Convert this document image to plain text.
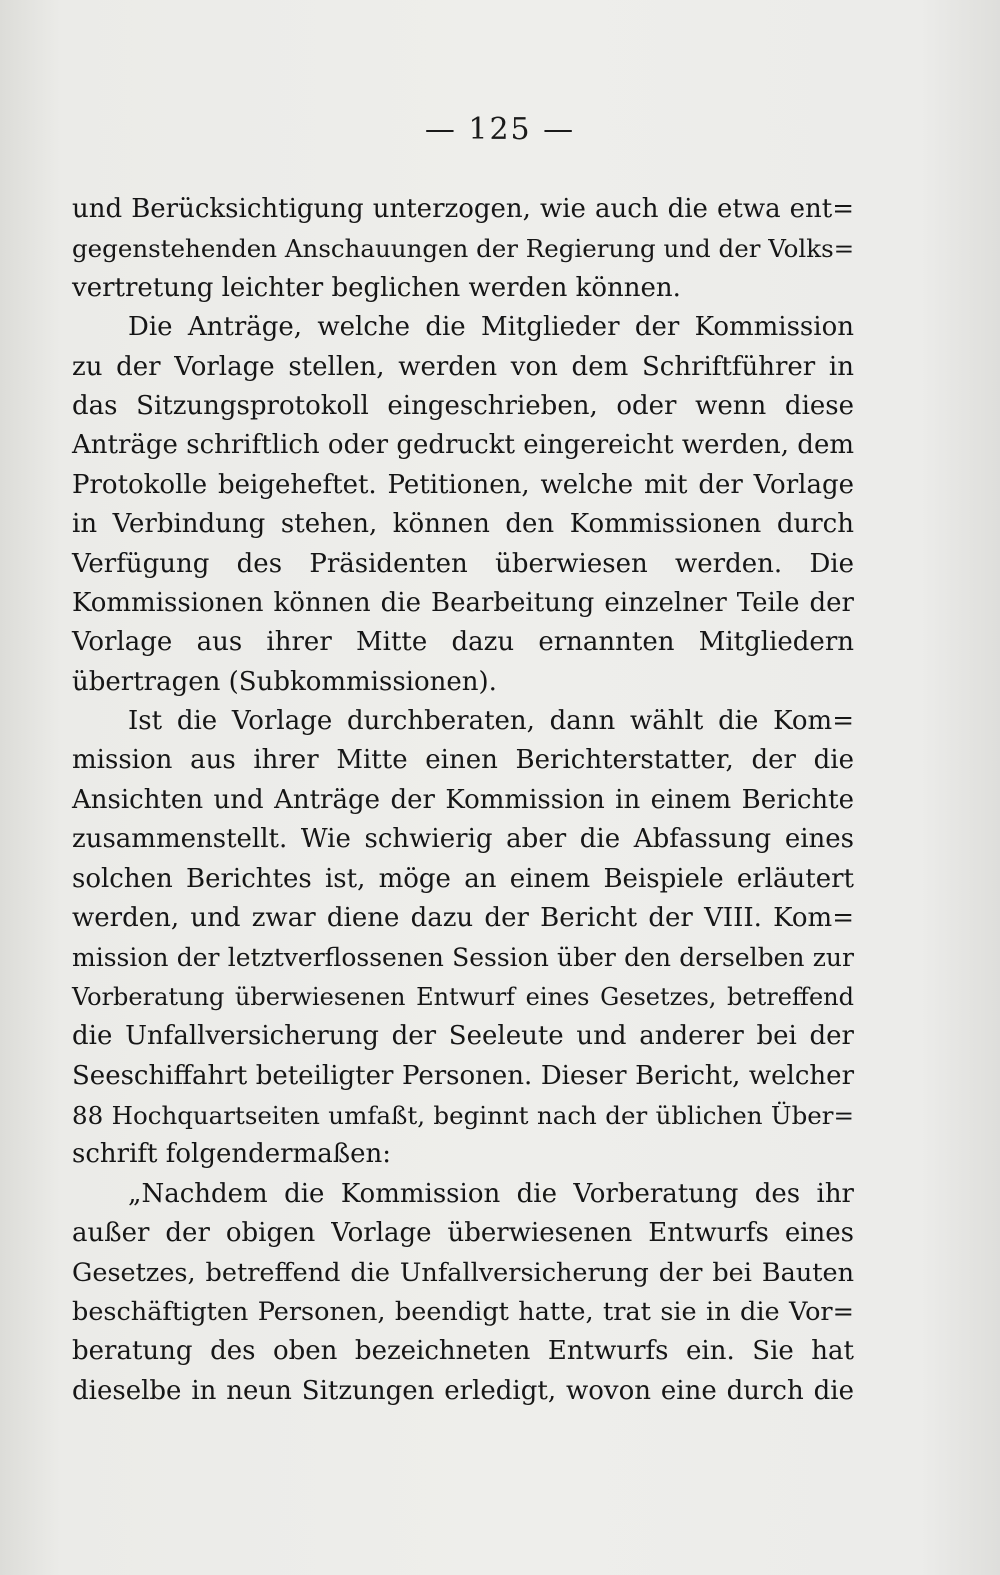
— 125 —
und Berücksichtigung unterzogen, wie auch die etwa ent=
gegenstehenden Anschauungen der Regierung und der Volks=
vertretung leichter beglichen werden können.
Die Anträge, welche die Mitglieder der Kommission
zu der Vorlage stellen, werden von dem Schriftführer in
das Sitzungsprotokoll eingeschrieben, oder wenn diese
Anträge schriftlich oder gedruckt eingereicht werden, dem
Protokolle beigeheftet. Petitionen, welche mit der Vorlage
in Verbindung stehen, können den Kommissionen durch
Verfügung des Präsidenten überwiesen werden. Die
Kommissionen können die Bearbeitung einzelner Teile der
Vorlage aus ihrer Mitte dazu ernannten Mitgliedern
übertragen (Subkommissionen).
Ist die Vorlage durchberaten, dann wählt die Kom=
mission aus ihrer Mitte einen Berichterstatter, der die
Ansichten und Anträge der Kommission in einem Berichte
zusammenstellt. Wie schwierig aber die Abfassung eines
solchen Berichtes ist, möge an einem Beispiele erläutert
werden, und zwar diene dazu der Bericht der VIII. Kom=
mission der letztverflossenen Session über den derselben zur
Vorberatung überwiesenen Entwurf eines Gesetzes, betreffend
die Unfallversicherung der Seeleute und anderer bei der
Seeschiffahrt beteiligter Personen. Dieser Bericht, welcher
88 Hochquartseiten umfaßt, beginnt nach der üblichen Über=
schrift folgendermaßen:
„Nachdem die Kommission die Vorberatung des ihr
außer der obigen Vorlage überwiesenen Entwurfs eines
Gesetzes, betreffend die Unfallversicherung der bei Bauten
beschäftigten Personen, beendigt hatte, trat sie in die Vor=
beratung des oben bezeichneten Entwurfs ein. Sie hat
dieselbe in neun Sitzungen erledigt, wovon eine durch die
